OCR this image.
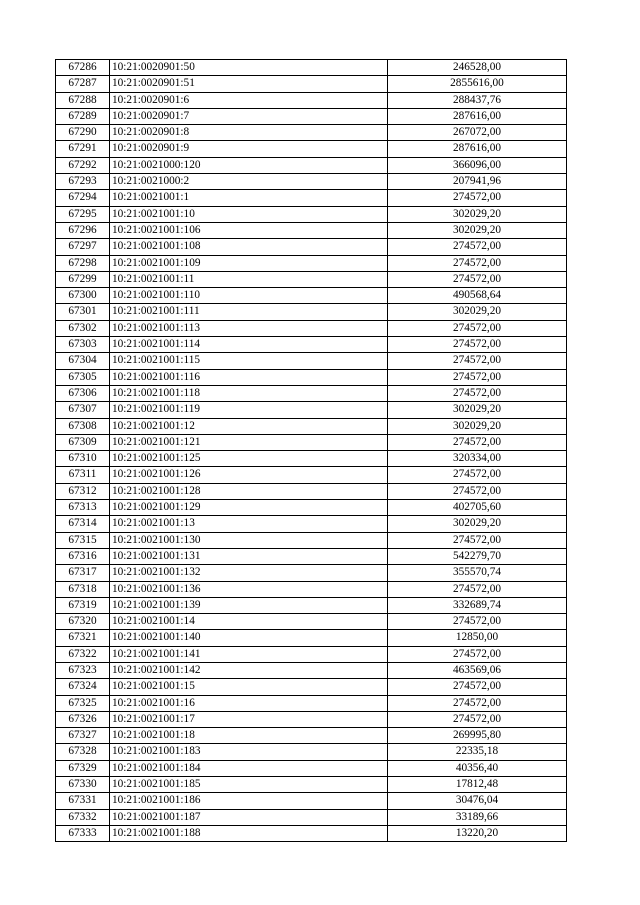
67286	10:21:0020901:50	246528,00
67287	10:21:0020901:51	2855616,00
67288	10:21:0020901:6	288437,76
67289	10:21:0020901:7	287616,00
67290	10:21:0020901:8	267072,00
67291	10:21:0020901:9	287616,00
67292	10:21:0021000:120	366096,00
67293	10:21:0021000:2	207941,96
67294	10:21:0021001:1	274572,00
67295	10:21:0021001:10	302029,20
67296	10:21:0021001:106	302029,20
67297	10:21:0021001:108	274572,00
67298	10:21:0021001:109	274572,00
67299	10:21:0021001:11	274572,00
67300	10:21:0021001:110	490568,64
67301	10:21:0021001:111	302029,20
67302	10:21:0021001:113	274572,00
67303	10:21:0021001:114	274572,00
67304	10:21:0021001:115	274572,00
67305	10:21:0021001:116	274572,00
67306	10:21:0021001:118	274572,00
67307	10:21:0021001:119	302029,20
67308	10:21:0021001:12	302029,20
67309	10:21:0021001:121	274572,00
67310	10:21:0021001:125	320334,00
67311	10:21:0021001:126	274572,00
67312	10:21:0021001:128	274572,00
67313	10:21:0021001:129	402705,60
67314	10:21:0021001:13	302029,20
67315	10:21:0021001:130	274572,00
67316	10:21:0021001:131	542279,70
67317	10:21:0021001:132	355570,74
67318	10:21:0021001:136	274572,00
67319	10:21:0021001:139	332689,74
67320	10:21:0021001:14	274572,00
67321	10:21:0021001:140	12850,00
67322	10:21:0021001:141	274572,00
67323	10:21:0021001:142	463569,06
67324	10:21:0021001:15	274572,00
67325	10:21:0021001:16	274572,00
67326	10:21:0021001:17	274572,00
67327	10:21:0021001:18	269995,80
67328	10:21:0021001:183	22335,18
67329	10:21:0021001:184	40356,40
67330	10:21:0021001:185	17812,48
67331	10:21:0021001:186	30476,04
67332	10:21:0021001:187	33189,66
67333	10:21:0021001:188	13220,20
